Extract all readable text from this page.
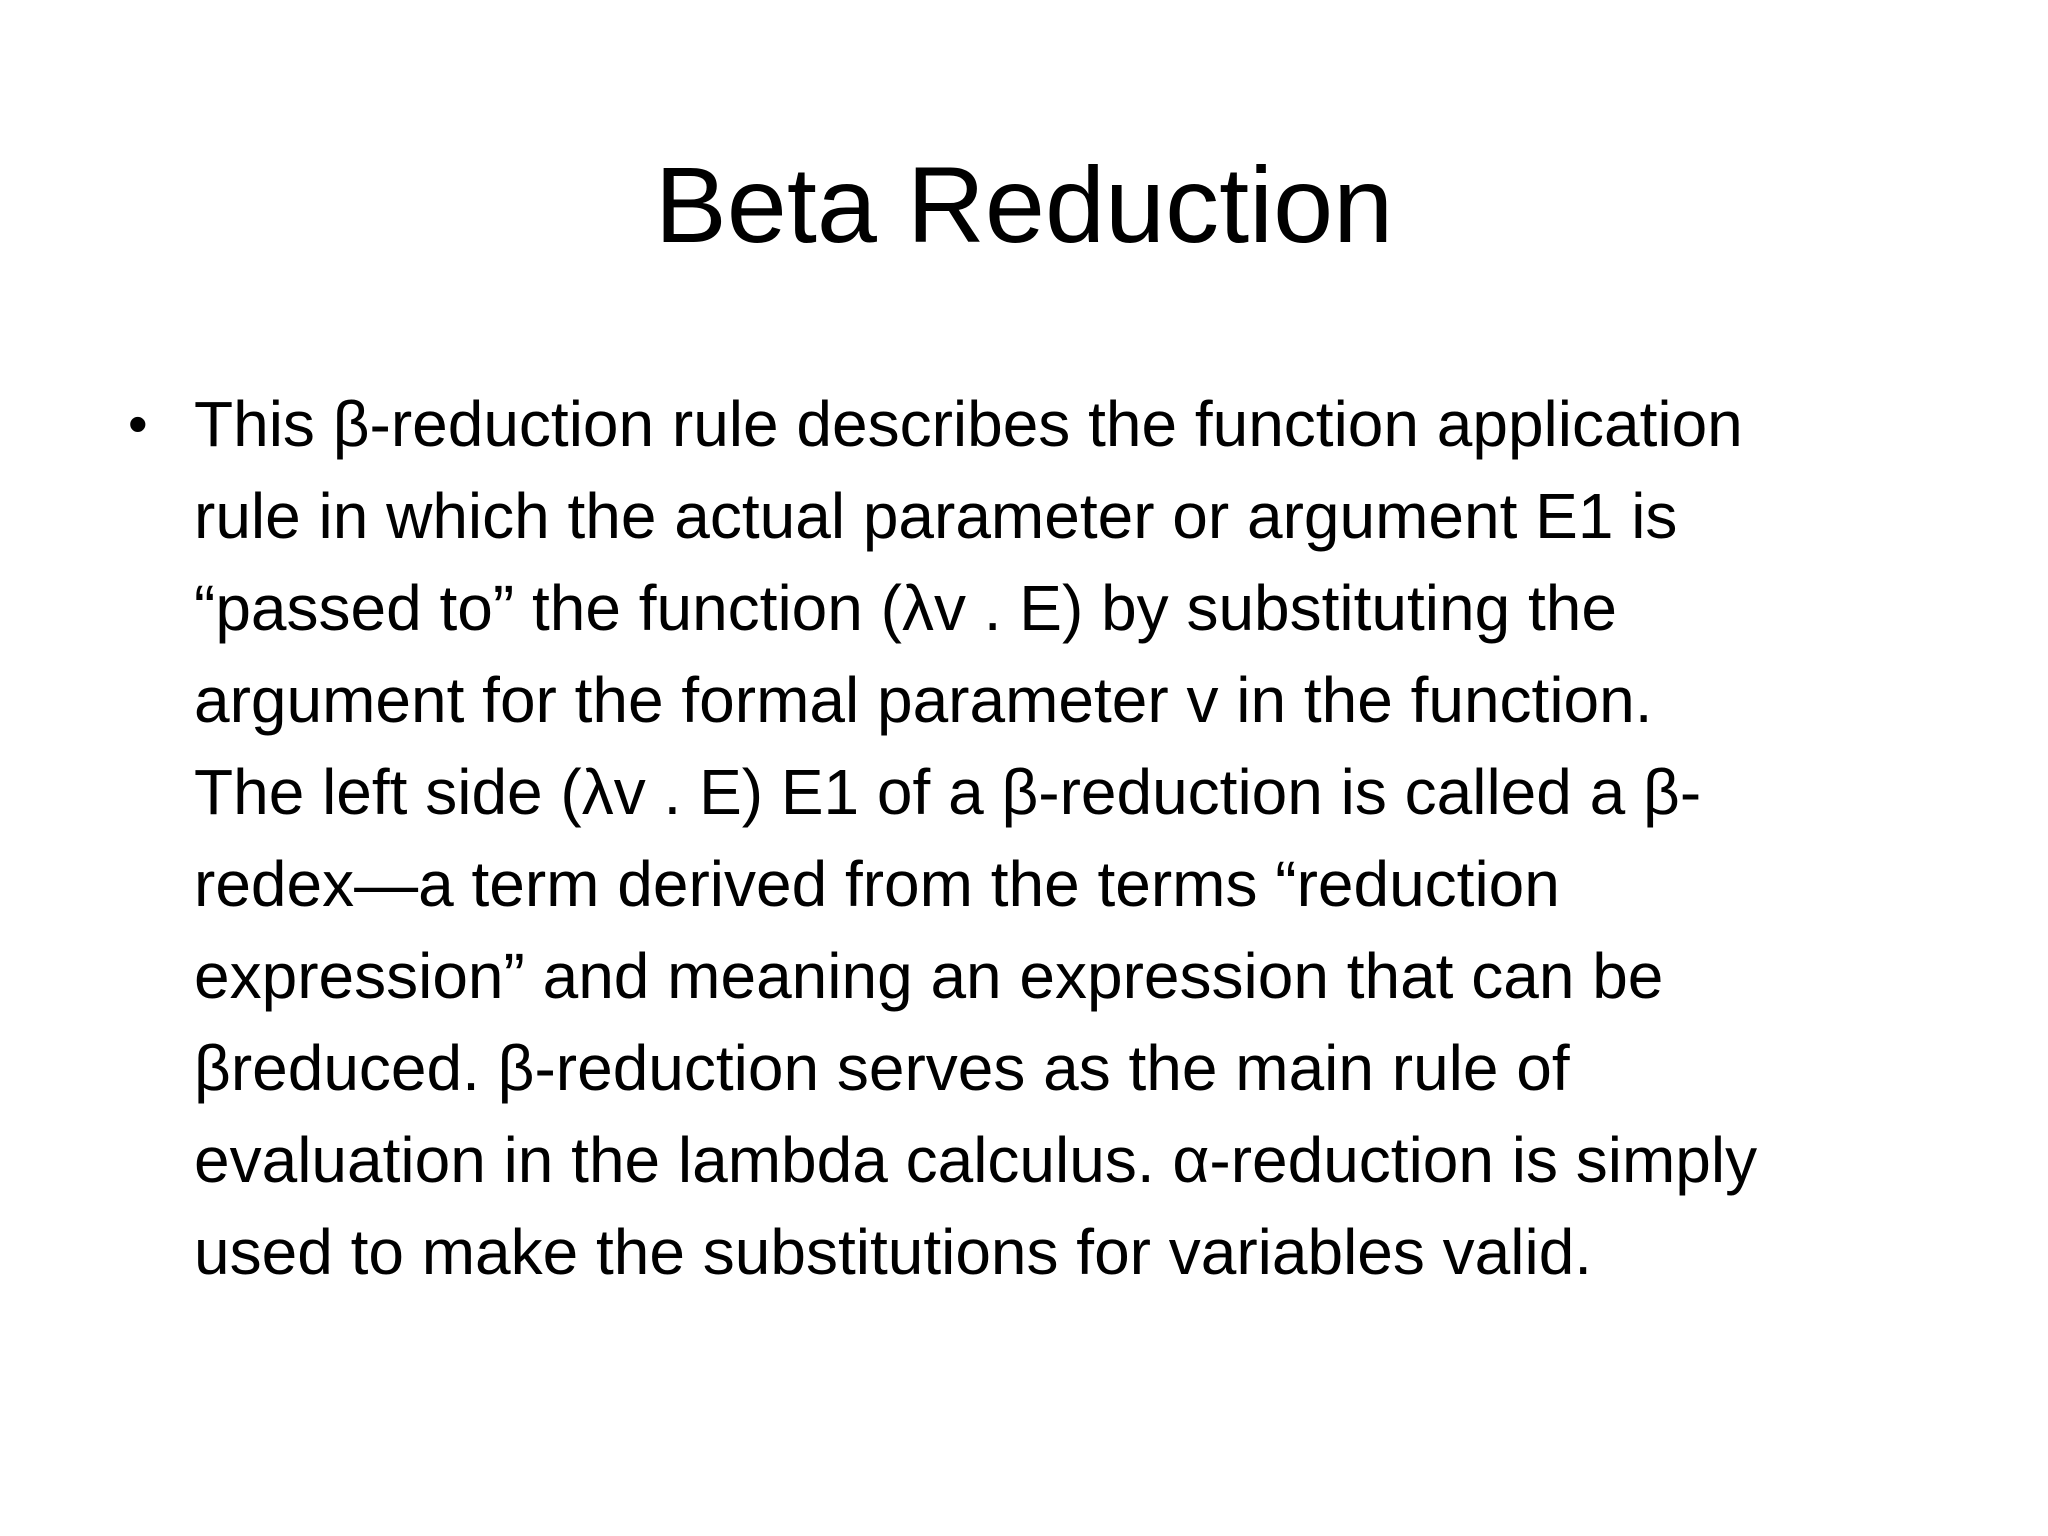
Beta Reduction
• This β-reduction rule describes the function application
rule in which the actual parameter or argument E1 is
“passed to” the function (λv . E) by substituting the
argument for the formal parameter v in the function.
The left side (λv . E) E1 of a β-reduction is called a β-
redex—a term derived from the terms “reduction
expression” and meaning an expression that can be
βreduced. β-reduction serves as the main rule of
evaluation in the lambda calculus. α-reduction is simply
used to make the substitutions for variables valid.
